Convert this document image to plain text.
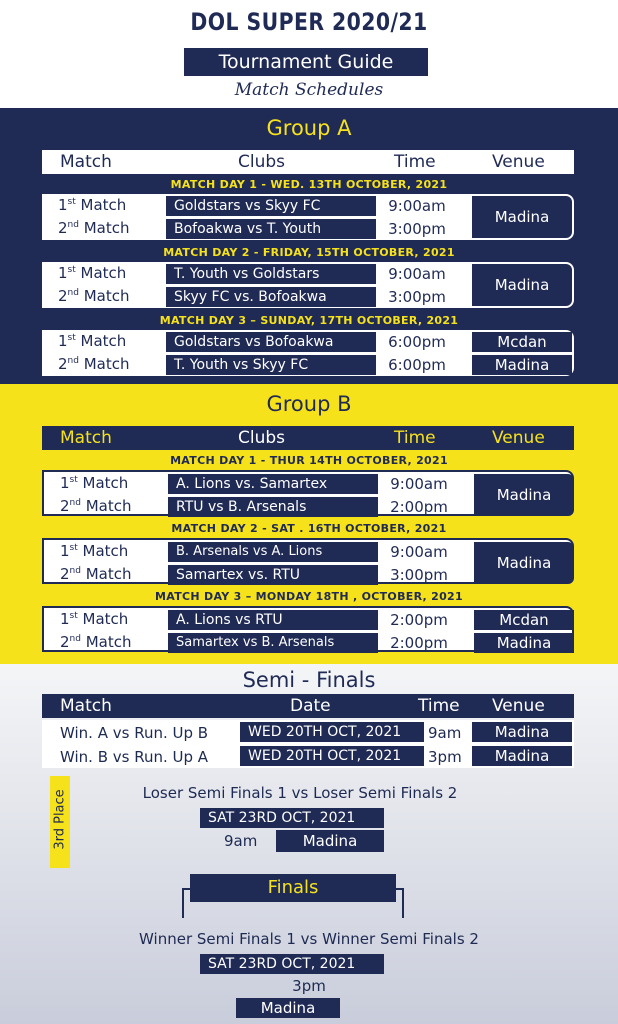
DOL SUPER 2020/21
Tournament Guide
Match Schedules
Group A
Match	Clubs	Time	Venue
MATCH DAY 1 - WED. 13TH OCTOBER, 2021
1st Match	Goldstars vs Skyy FC	9:00am
2nd Match	Bofoakwa vs T. Youth	3:00pm
Madina
MATCH DAY 2 - FRIDAY, 15TH OCTOBER, 2021
1st Match	T. Youth vs Goldstars	9:00am
2nd Match	Skyy FC vs. Bofoakwa	3:00pm
Madina
MATCH DAY 3 – SUNDAY, 17TH OCTOBER, 2021
1st Match	Goldstars vs Bofoakwa	6:00pm	Mcdan
2nd Match	T. Youth vs Skyy FC	6:00pm	Madina
Group B
Match	Clubs	Time	Venue
MATCH DAY 1 - THUR 14TH OCTOBER, 2021
1st Match	A. Lions vs. Samartex	9:00am
2nd Match	RTU vs B. Arsenals	2:00pm
Madina
MATCH DAY 2 - SAT . 16TH OCTOBER, 2021
1st Match	B. Arsenals vs A. Lions	9:00am
2nd Match	Samartex vs. RTU	3:00pm
Madina
MATCH DAY 3 – MONDAY 18TH , OCTOBER, 2021
1st Match	A. Lions vs RTU	2:00pm	Mcdan
2nd Match	Samartex vs B. Arsenals	2:00pm	Madina
Semi - Finals
Match	Date	Time Venue
Win. A vs Run. Up B	WED 20TH OCT, 2021	9am	Madina
Win. B vs Run. Up A	WED 20TH OCT, 2021	3pm	Madina
3rd Place	Loser Semi Finals 1 vs Loser Semi Finals 2
SAT 23RD OCT, 2021
9am	Madina
Finals
Winner Semi Finals 1 vs Winner Semi Finals 2
SAT 23RD OCT, 2021
3pm
Madina
